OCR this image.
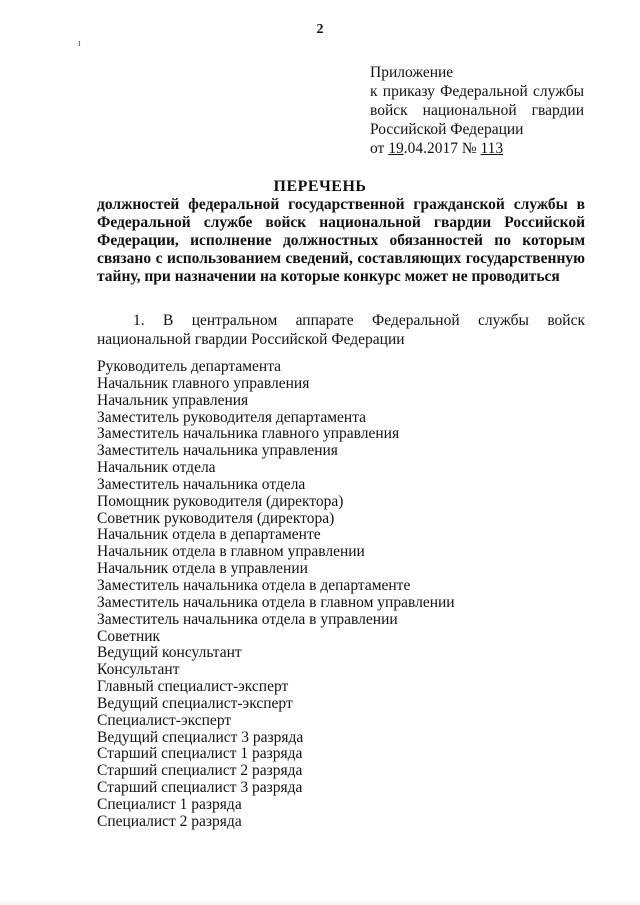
2
ı
Приложение
к приказу Федеральной службы
войск национальной гвардии
Российской Федерации
от 19.04.2017 № 113
ПЕРЕЧЕНЬ
должностей федеральной государственной гражданской службы в
Федеральной службе войск национальной гвардии Российской
Федерации, исполнение должностных обязанностей по которым
связано с использованием сведений, составляющих государственную
тайну, при назначении на которые конкурс может не проводиться
1. В центральном аппарате Федеральной службы войск
национальной гвардии Российской Федерации
Руководитель департамента
Начальник главного управления
Начальник управления
Заместитель руководителя департамента
Заместитель начальника главного управления
Заместитель начальника управления
Начальник отдела
Заместитель начальника отдела
Помощник руководителя (директора)
Советник руководителя (директора)
Начальник отдела в департаменте
Начальник отдела в главном управлении
Начальник отдела в управлении
Заместитель начальника отдела в департаменте
Заместитель начальника отдела в главном управлении
Заместитель начальника отдела в управлении
Советник
Ведущий консультант
Консультант
Главный специалист-эксперт
Ведущий специалист-эксперт
Специалист-эксперт
Ведущий специалист 3 разряда
Старший специалист 1 разряда
Старший специалист 2 разряда
Старший специалист 3 разряда
Специалист 1 разряда
Специалист 2 разряда
